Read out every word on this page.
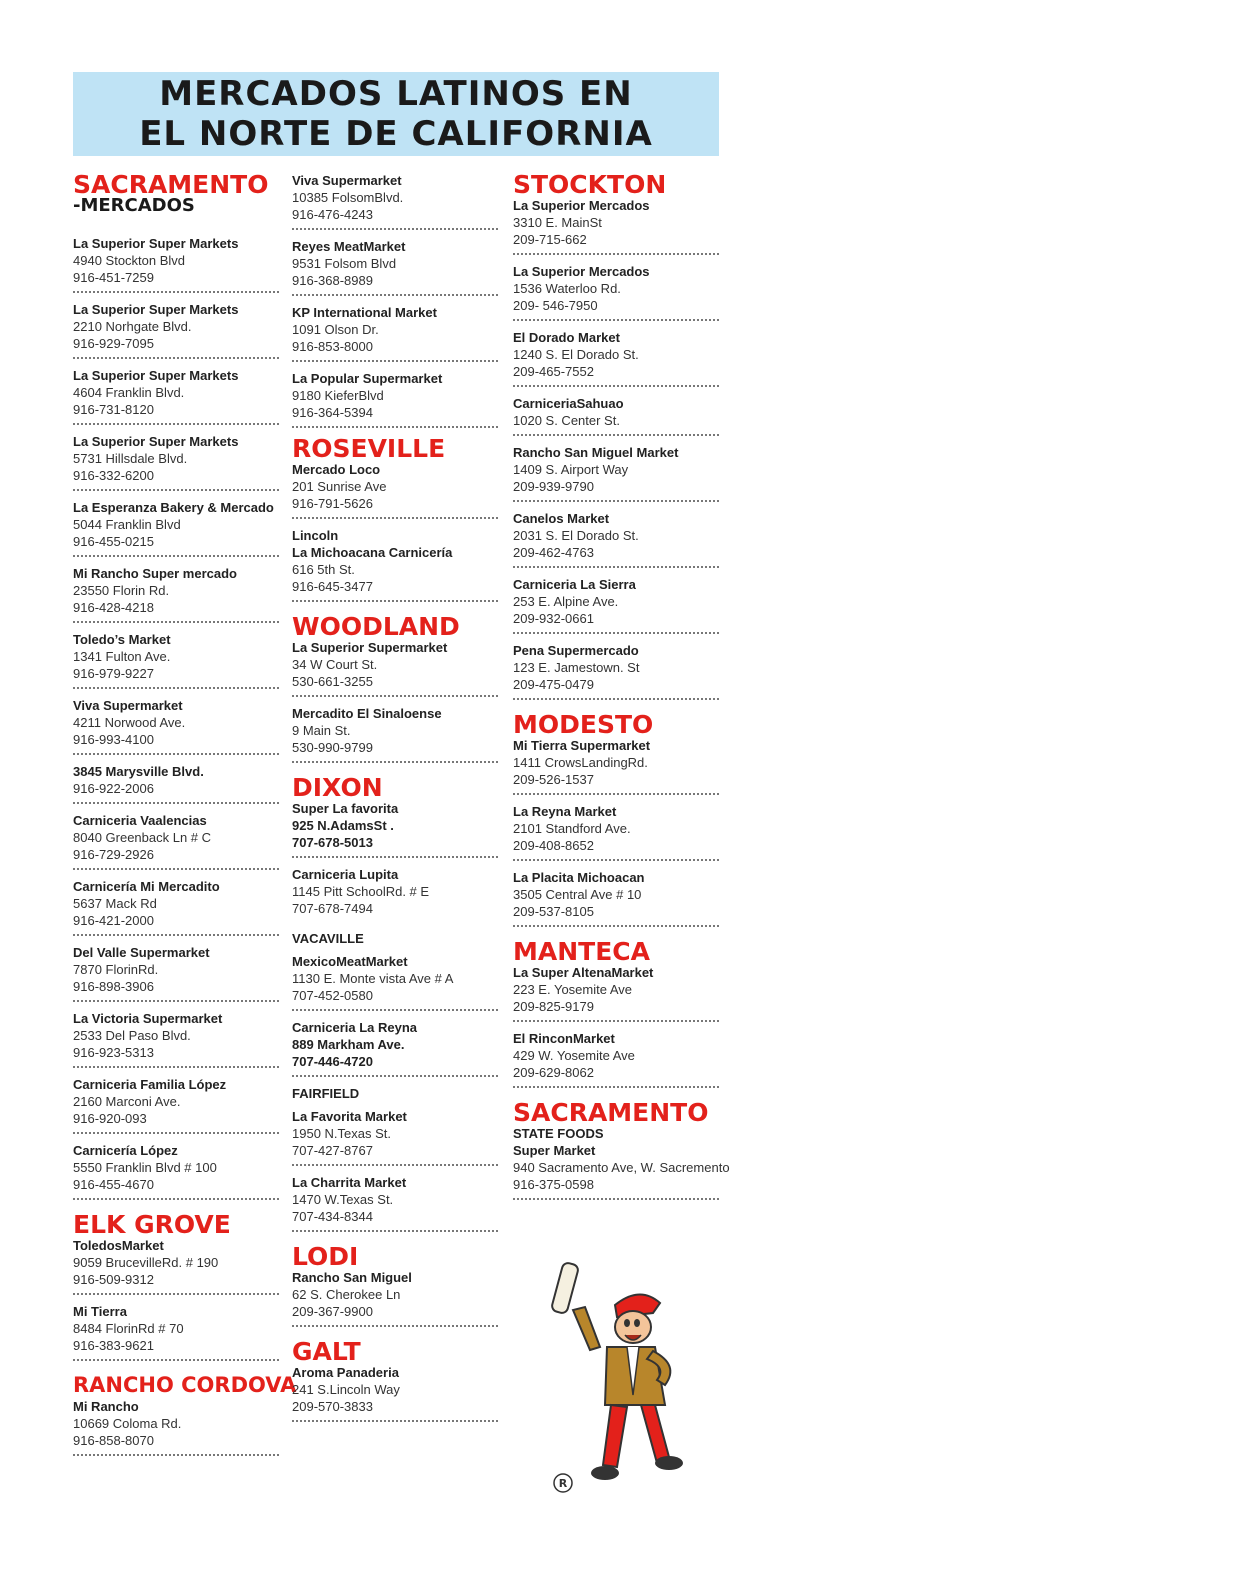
MERCADOS LATINOS EN
EL NORTE DE CALIFORNIA
SACRAMENTO
-MERCADOS
La Superior Super Markets
4940 Stockton Blvd
916-451-7259
La Superior Super Markets
2210 Norhgate Blvd.
916-929-7095
La Superior Super Markets
4604 Franklin Blvd.
916-731-8120
La Superior Super Markets
5731 Hillsdale Blvd.
916-332-6200
La Esperanza Bakery & Mercado
5044 Franklin Blvd
916-455-0215
Mi Rancho Super mercado
23550 Florin Rd.
916-428-4218
Toledo’s Market
1341 Fulton Ave.
916-979-9227
Viva Supermarket
4211 Norwood Ave.
916-993-4100
3845 Marysville Blvd.
916-922-2006
Carniceria Vaalencias
8040 Greenback Ln # C
916-729-2926
Carnicería Mi Mercadito
5637 Mack Rd
916-421-2000
Del Valle Supermarket
7870 FlorinRd.
916-898-3906
La Victoria Supermarket
2533 Del Paso Blvd.
916-923-5313
Carniceria Familia López
2160 Marconi Ave.
916-920-093
Carnicería López
5550 Franklin Blvd # 100
916-455-4670
ELK GROVE
ToledosMarket
9059 BrucevilleRd. # 190
916-509-9312
Mi Tierra
8484 FlorinRd # 70
916-383-9621
RANCHO CORDOVA
Mi Rancho
10669 Coloma Rd.
916-858-8070
Viva Supermarket
10385 FolsomBlvd.
916-476-4243
Reyes MeatMarket
9531 Folsom Blvd
916-368-8989
KP International Market
1091 Olson Dr.
916-853-8000
La Popular Supermarket
9180 KieferBlvd
916-364-5394
ROSEVILLE
Mercado Loco
201 Sunrise Ave
916-791-5626
Lincoln
La Michoacana Carnicería
616 5th St.
916-645-3477
WOODLAND
La Superior Supermarket
34 W Court St.
530-661-3255
Mercadito El Sinaloense
9 Main St.
530-990-9799
DIXON
Super La favorita
925 N.AdamsSt .
707-678-5013
Carniceria Lupita
1145 Pitt SchoolRd. # E
707-678-7494
VACAVILLE
MexicoMeatMarket
1130 E. Monte vista Ave # A
707-452-0580
Carniceria La Reyna
889 Markham Ave.
707-446-4720
FAIRFIELD
La Favorita Market
1950 N.Texas St.
707-427-8767
La Charrita Market
1470 W.Texas St.
707-434-8344
LODI
Rancho San Miguel
62 S. Cherokee Ln
209-367-9900
GALT
Aroma Panaderia
241 S.Lincoln Way
209-570-3833
STOCKTON
La Superior Mercados
3310 E. MainSt
209-715-662
La Superior Mercados
1536 Waterloo Rd.
209- 546-7950
El Dorado Market
1240 S. El Dorado St.
209-465-7552
CarniceriaSahuao
1020 S. Center St.
Rancho San Miguel Market
1409 S. Airport Way
209-939-9790
Canelos Market
2031 S. El Dorado St.
209-462-4763
Carniceria La Sierra
253 E. Alpine Ave.
209-932-0661
Pena Supermercado
123 E. Jamestown. St
209-475-0479
MODESTO
Mi Tierra Supermarket
1411 CrowsLandingRd.
209-526-1537
La Reyna Market
2101 Standford Ave.
209-408-8652
La Placita Michoacan
3505 Central Ave # 10
209-537-8105
MANTECA
La Super AltenaMarket
223 E. Yosemite Ave
209-825-9179
El RinconMarket
429 W. Yosemite Ave
209-629-8062
SACRAMENTO
STATE FOODS
Super Market
940 Sacramento Ave, W. Sacremento
916-375-0598
R
